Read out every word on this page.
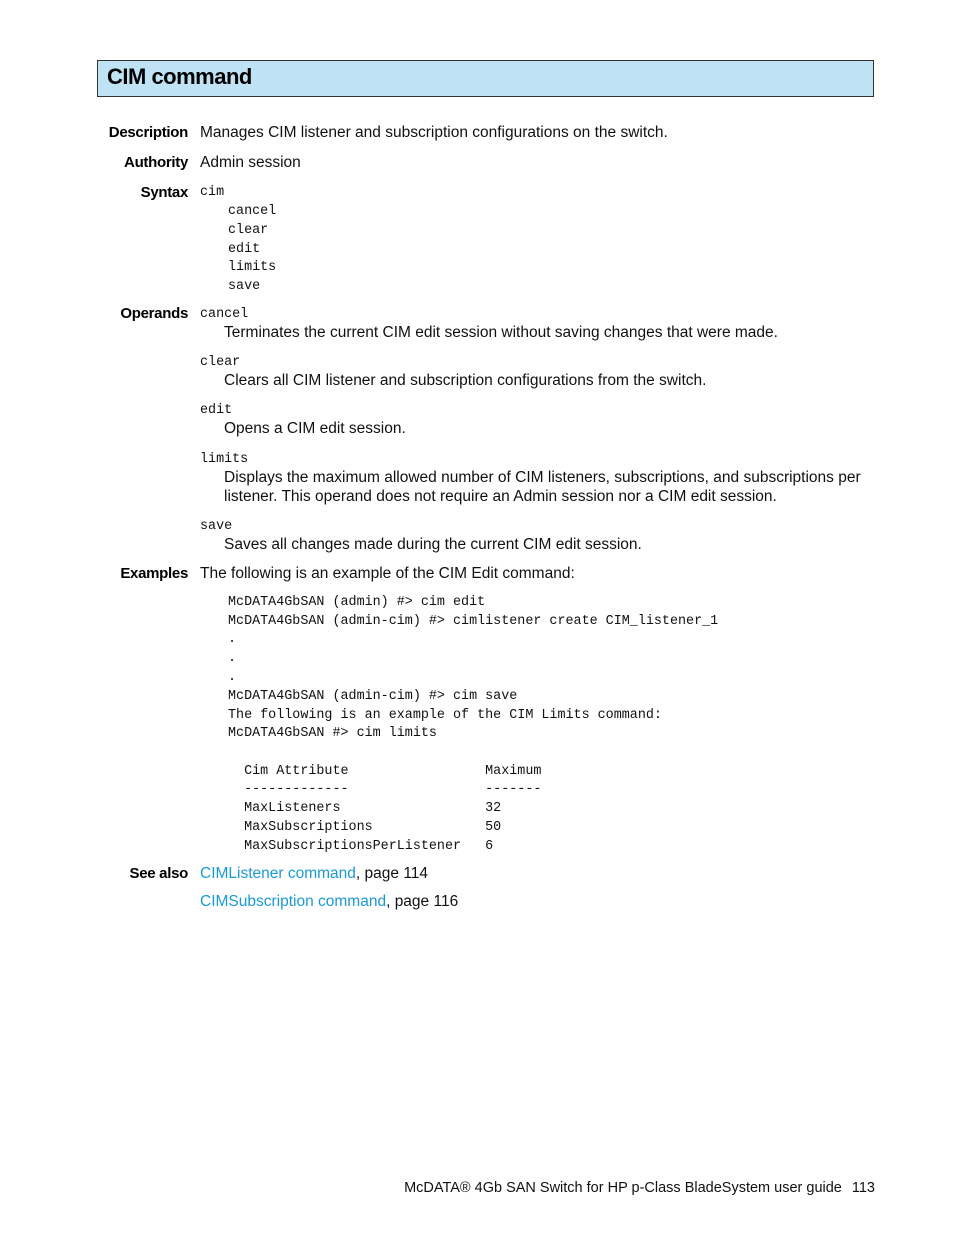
CIM command
Description Manages CIM listener and subscription configurations on the switch.
Authority Admin session
Syntax cim
cancel
clear
edit
limits
save
Operands cancel
Terminates the current CIM edit session without saving changes that were made.
clear
Clears all CIM listener and subscription configurations from the switch.
edit
Opens a CIM edit session.
limits
Displays the maximum allowed number of CIM listeners, subscriptions, and subscriptions per
listener. This operand does not require an Admin session nor a CIM edit session.
save
Saves all changes made during the current CIM edit session.
Examples The following is an example of the CIM Edit command:
McDATA4GbSAN (admin) #> cim edit
McDATA4GbSAN (admin-cim) #> cimlistener create CIM_listener_1
.
.
.
McDATA4GbSAN (admin-cim) #> cim save
The following is an example of the CIM Limits command:
McDATA4GbSAN #> cim limits
Cim Attribute                 Maximum
-------------                 -------
MaxListeners                  32
MaxSubscriptions              50
MaxSubscriptionsPerListener   6
See also CIMListener command, page 114
CIMSubscription command, page 116
McDATA® 4Gb SAN Switch for HP p-Class BladeSystem user guide 113
